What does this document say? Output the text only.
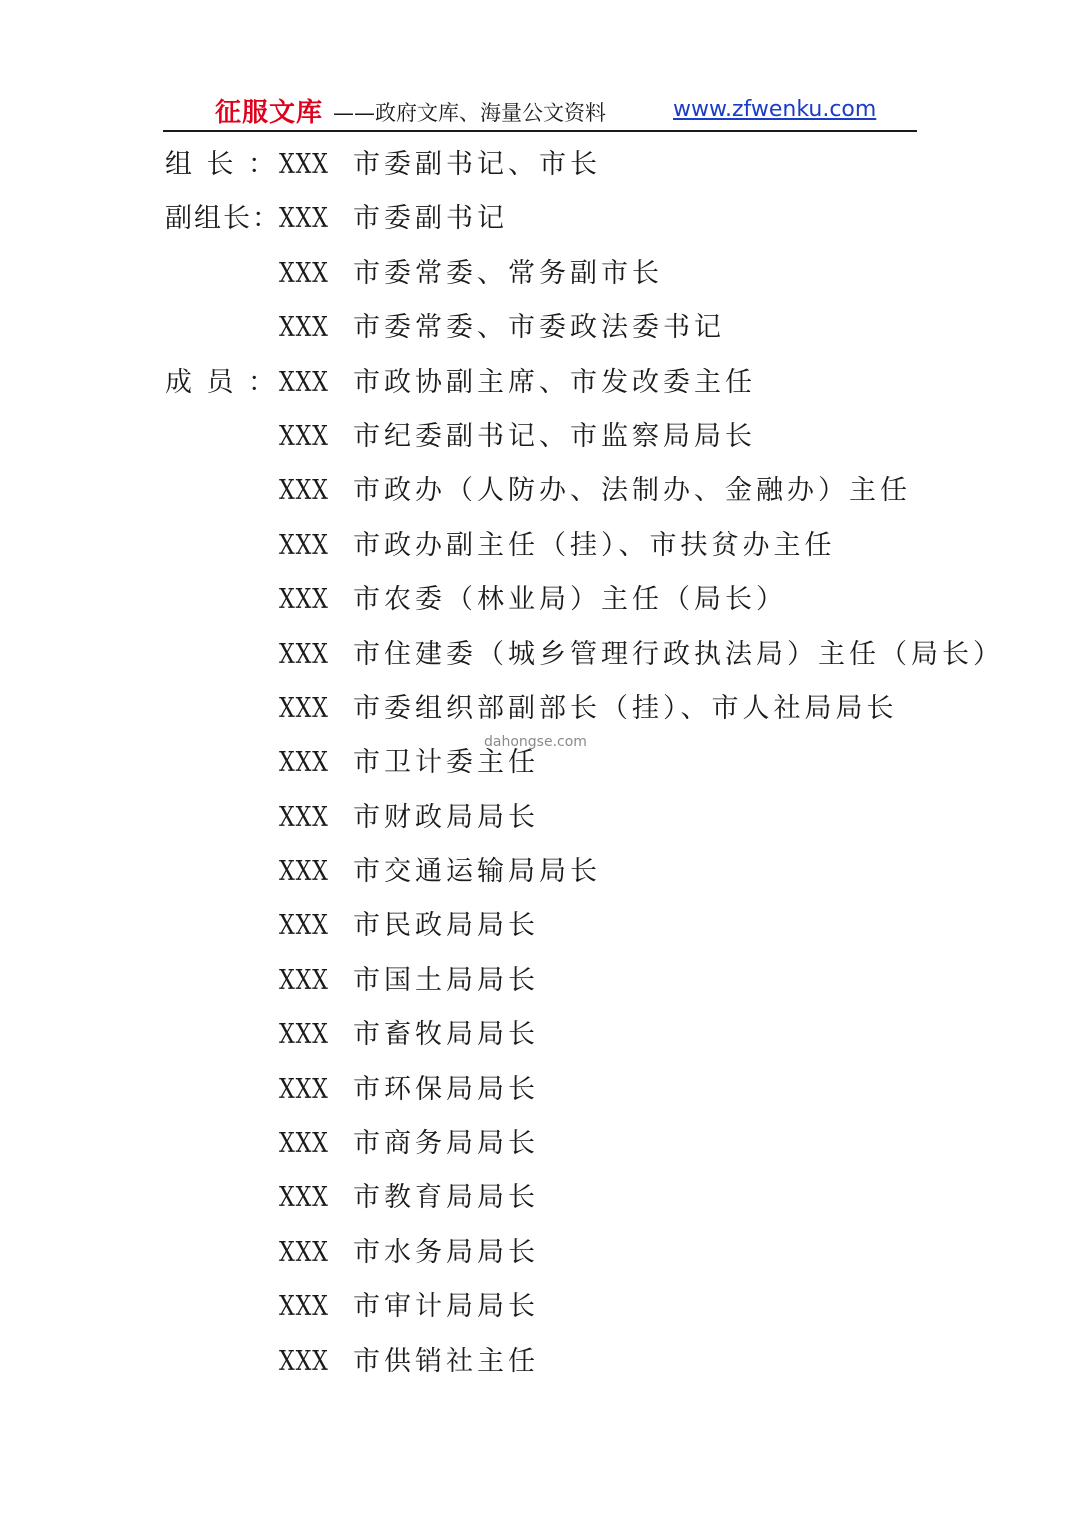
征服文库 ——政府文库、海量公文资料	www.zfwenku.com
组 长 ： XXX 市委副书记、市长
副组长：
XXX 市委副书记
XXX 市委常委、常务副市长
XXX 市委常委、市委政法委书记
成 员 ： XXX 市政协副主席、市发改委主任
XXX 市纪委副书记、市监察局局长
XXX 市政办（人防办、法制办、金融办）主任
XXX 市政办副主任（挂）、市扶贫办主任
XXX 市农委（林业局）主任（局长）
XXX 市住建委（城乡管理行政执法局）主任（局长）
XXX 市委组织部副部长（挂）、市人社局局长
XXX 市卫计委主任
XXX 市财政局局长
XXX 市交通运输局局长
XXX 市民政局局长
XXX 市国土局局长
XXX 市畜牧局局长
XXX 市环保局局长
XXX 市商务局局长
XXX 市教育局局长
XXX 市水务局局长
XXX 市审计局局长
XXX 市供销社主任
dahongse.com
